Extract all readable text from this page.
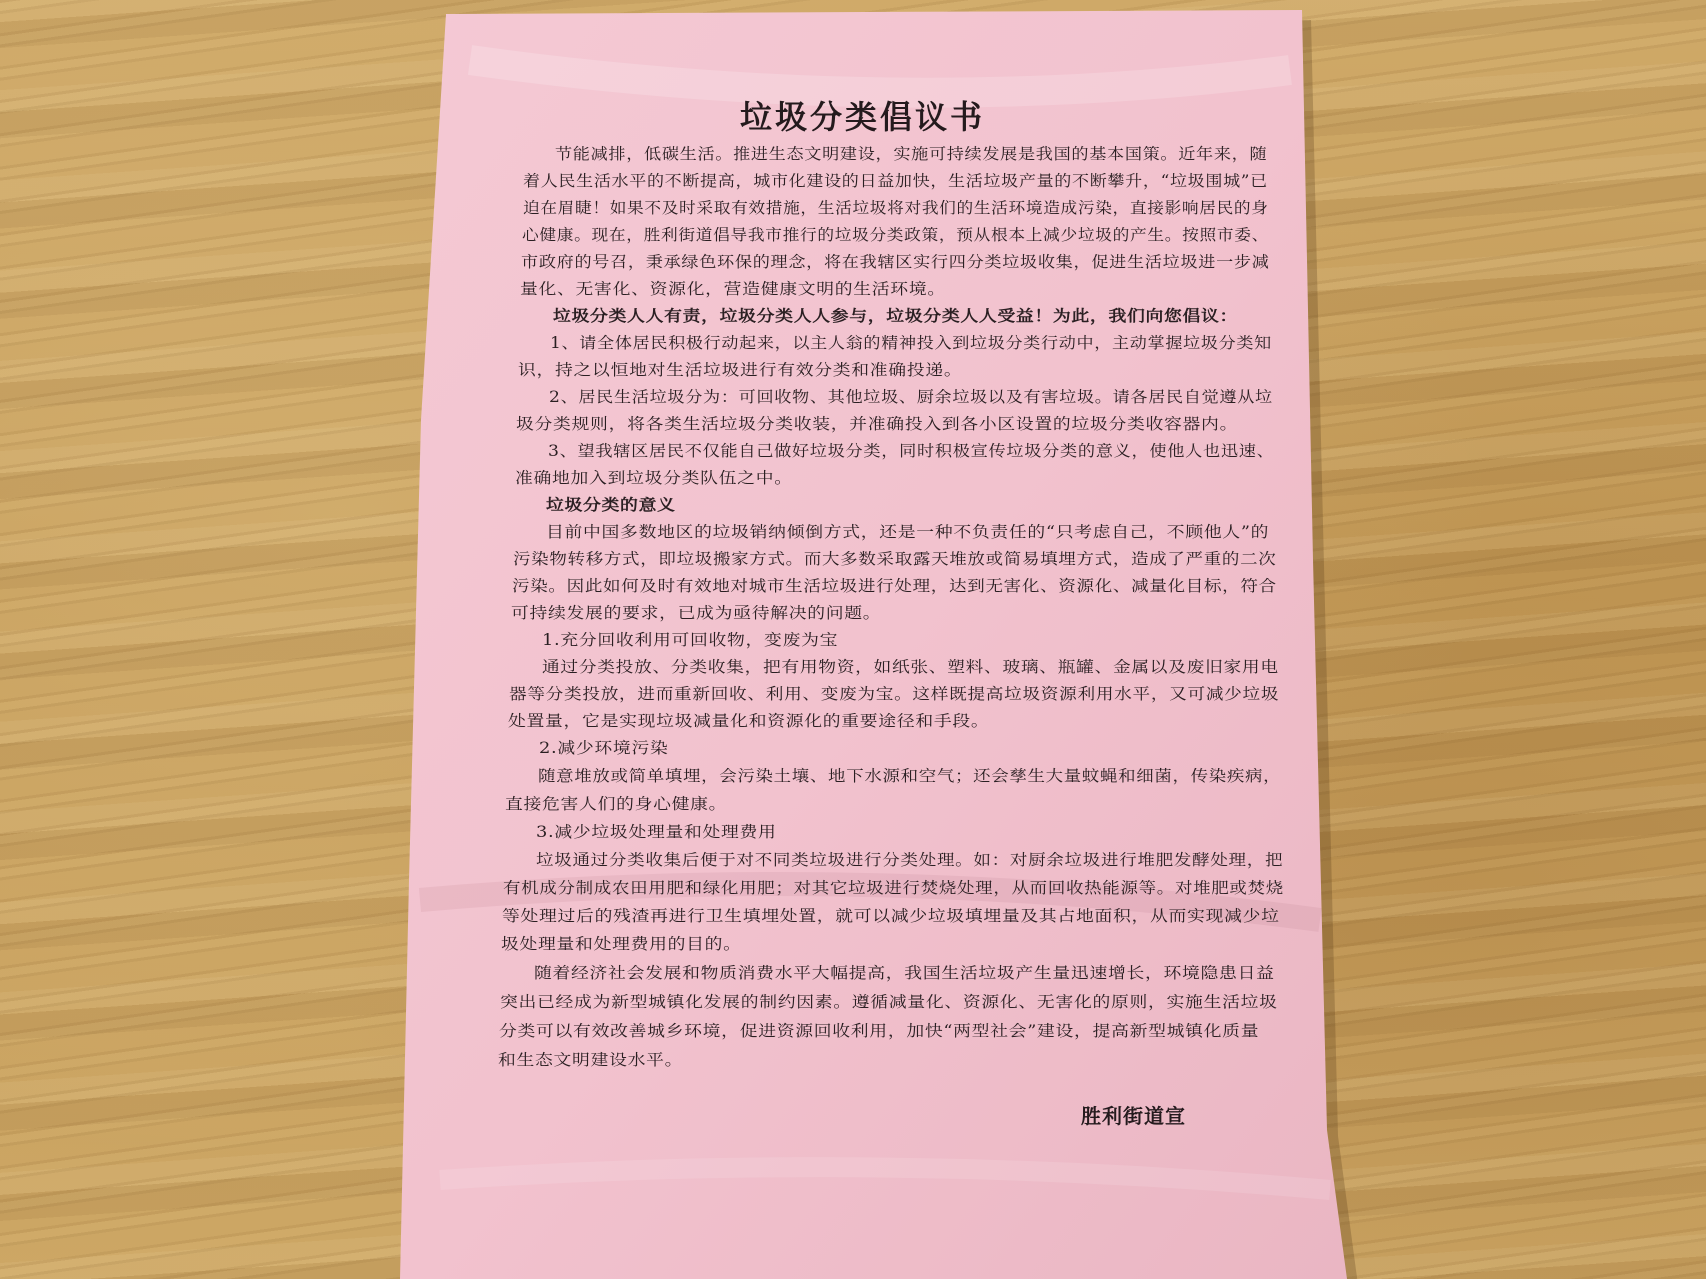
垃圾分类倡议书
节能减排，低碳生活。推进生态文明建设，实施可持续发展是我国的基本国策。近年来，随
着人民生活水平的不断提高，城市化建设的日益加快，生活垃圾产量的不断攀升，“垃圾围城”已
迫在眉睫！如果不及时采取有效措施，生活垃圾将对我们的生活环境造成污染，直接影响居民的身
心健康。现在，胜利街道倡导我市推行的垃圾分类政策，预从根本上减少垃圾的产生。按照市委、
市政府的号召，秉承绿色环保的理念，将在我辖区实行四分类垃圾收集，促进生活垃圾进一步减
量化、无害化、资源化，营造健康文明的生活环境。
垃圾分类人人有责，垃圾分类人人参与，垃圾分类人人受益！为此，我们向您倡议：
1、请全体居民积极行动起来，以主人翁的精神投入到垃圾分类行动中，主动掌握垃圾分类知
识，持之以恒地对生活垃圾进行有效分类和准确投递。
2、居民生活垃圾分为：可回收物、其他垃圾、厨余垃圾以及有害垃圾。请各居民自觉遵从垃
圾分类规则，将各类生活垃圾分类收装，并准确投入到各小区设置的垃圾分类收容器内。
3、望我辖区居民不仅能自己做好垃圾分类，同时积极宣传垃圾分类的意义，使他人也迅速、
准确地加入到垃圾分类队伍之中。
垃圾分类的意义
目前中国多数地区的垃圾销纳倾倒方式，还是一种不负责任的“只考虑自己，不顾他人”的
污染物转移方式，即垃圾搬家方式。而大多数采取露天堆放或简易填埋方式，造成了严重的二次
污染。因此如何及时有效地对城市生活垃圾进行处理，达到无害化、资源化、减量化目标，符合
可持续发展的要求，已成为亟待解决的问题。
1.充分回收利用可回收物，变废为宝
通过分类投放、分类收集，把有用物资，如纸张、塑料、玻璃、瓶罐、金属以及废旧家用电
器等分类投放，进而重新回收、利用、变废为宝。这样既提高垃圾资源利用水平，又可减少垃圾
处置量，它是实现垃圾减量化和资源化的重要途径和手段。
2.减少环境污染
随意堆放或简单填埋，会污染土壤、地下水源和空气；还会孳生大量蚊蝇和细菌，传染疾病，
直接危害人们的身心健康。
3.减少垃圾处理量和处理费用
垃圾通过分类收集后便于对不同类垃圾进行分类处理。如：对厨余垃圾进行堆肥发酵处理，把
有机成分制成农田用肥和绿化用肥；对其它垃圾进行焚烧处理，从而回收热能源等。对堆肥或焚烧
等处理过后的残渣再进行卫生填埋处置，就可以减少垃圾填埋量及其占地面积，从而实现减少垃
圾处理量和处理费用的目的。
随着经济社会发展和物质消费水平大幅提高，我国生活垃圾产生量迅速增长，环境隐患日益
突出已经成为新型城镇化发展的制约因素。遵循减量化、资源化、无害化的原则，实施生活垃圾
分类可以有效改善城乡环境，促进资源回收利用，加快“两型社会”建设，提高新型城镇化质量
和生态文明建设水平。
胜利街道宣
